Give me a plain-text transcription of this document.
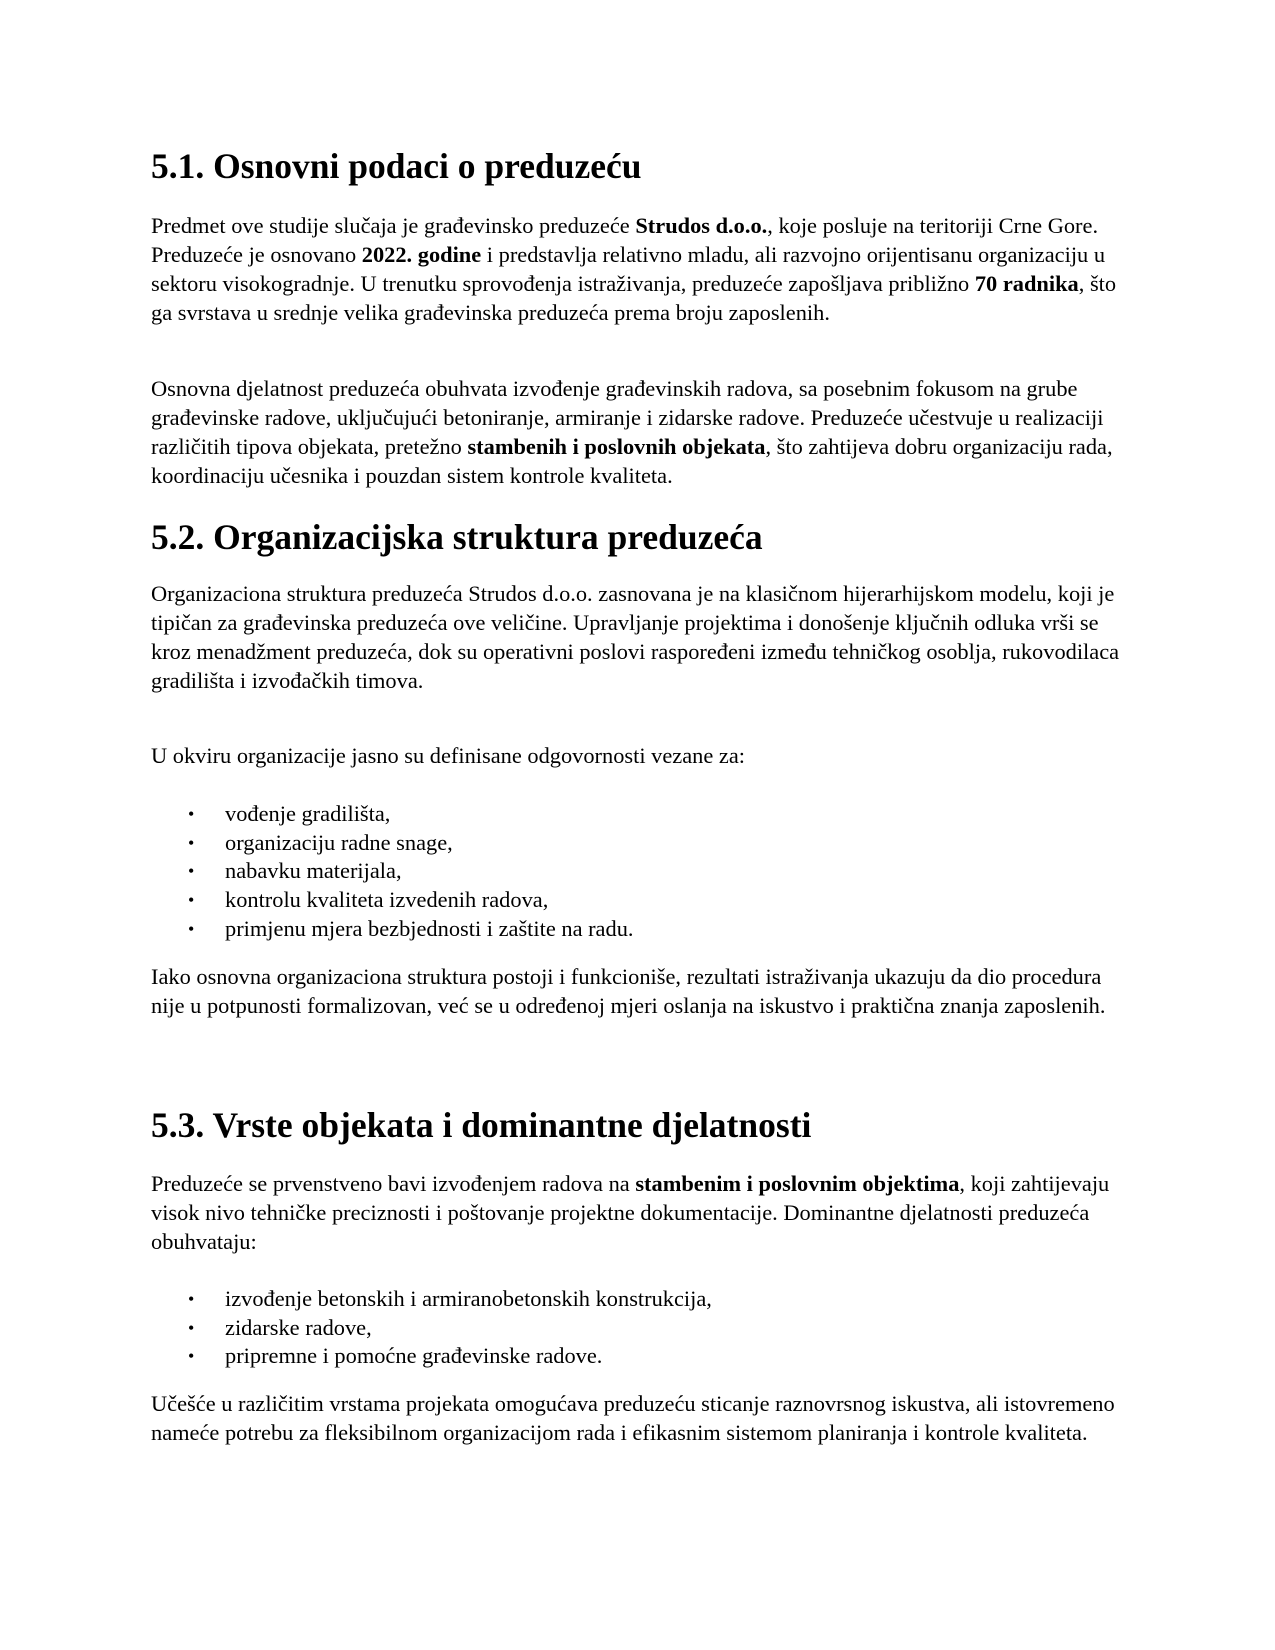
5.1. Osnovni podaci o preduzeću

Predmet ove studije slučaja je građevinsko preduzeće Strudos d.o.o., koje posluje na teritoriji Crne Gore. Preduzeće je osnovano 2022. godine i predstavlja relativno mladu, ali razvojno orijentisanu organizaciju u sektoru visokogradnje. U trenutku sprovođenja istraživanja, preduzeće zapošljava približno 70 radnika, što ga svrstava u srednje velika građevinska preduzeća prema broju zaposlenih.

Osnovna djelatnost preduzeća obuhvata izvođenje građevinskih radova, sa posebnim fokusom na grube građevinske radove, uključujući betoniranje, armiranje i zidarske radove. Preduzeće učestvuje u realizaciji različitih tipova objekata, pretežno stambenih i poslovnih objekata, što zahtijeva dobru organizaciju rada, koordinaciju učesnika i pouzdan sistem kontrole kvaliteta.

5.2. Organizacijska struktura preduzeća

Organizaciona struktura preduzeća Strudos d.o.o. zasnovana je na klasičnom hijerarhijskom modelu, koji je tipičan za građevinska preduzeća ove veličine. Upravljanje projektima i donošenje ključnih odluka vrši se kroz menadžment preduzeća, dok su operativni poslovi raspoređeni između tehničkog osoblja, rukovodilaca gradilišta i izvođačkih timova.

U okviru organizacije jasno su definisane odgovornosti vezane za:

• vođenje gradilišta,
• organizaciju radne snage,
• nabavku materijala,
• kontrolu kvaliteta izvedenih radova,
• primjenu mjera bezbjednosti i zaštite na radu.

Iako osnovna organizaciona struktura postoji i funkcioniše, rezultati istraživanja ukazuju da dio procedura nije u potpunosti formalizovan, već se u određenoj mjeri oslanja na iskustvo i praktična znanja zaposlenih.

5.3. Vrste objekata i dominantne djelatnosti

Preduzeće se prvenstveno bavi izvođenjem radova na stambenim i poslovnim objektima, koji zahtijevaju visok nivo tehničke preciznosti i poštovanje projektne dokumentacije. Dominantne djelatnosti preduzeća obuhvataju:

• izvođenje betonskih i armiranobetonskih konstrukcija,
• zidarske radove,
• pripremne i pomoćne građevinske radove.

Učešće u različitim vrstama projekata omogućava preduzeću sticanje raznovrsnog iskustva, ali istovremeno nameće potrebu za fleksibilnom organizacijom rada i efikasnim sistemom planiranja i kontrole kvaliteta.
